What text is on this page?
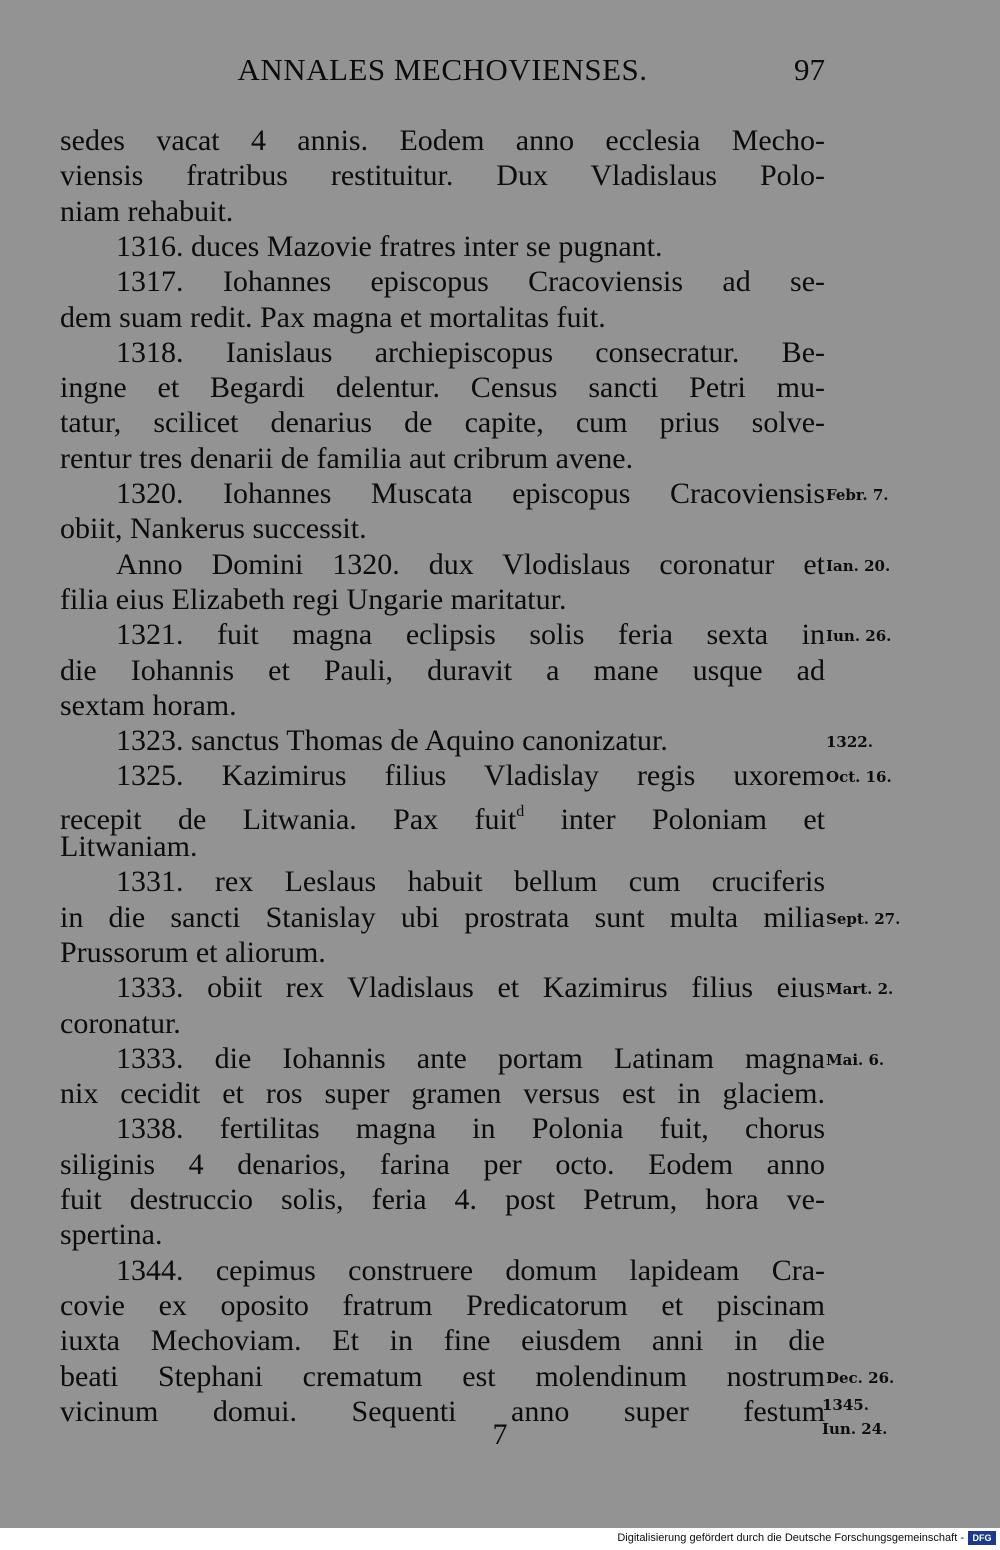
ANNALES MECHOVIENSES.	97
sedes vacat 4 annis. Eodem anno ecclesia Mecho-
viensis fratribus restituitur. Dux Vladislaus Polo-
niam rehabuit.
1316. duces Mazovie fratres inter se pugnant.
1317. Iohannes episcopus Cracoviensis ad se-
dem suam redit. Pax magna et mortalitas fuit.
1318. Ianislaus archiepiscopus consecratur. Be-
ingne et Begardi delentur. Census sancti Petri mu-
tatur, scilicet denarius de capite, cum prius solve-
rentur tres denarii de familia aut cribrum avene.
1320. Iohannes Muscata episcopus Cracoviensis
obiit, Nankerus successit.
Anno Domini 1320. dux Vlodislaus coronatur et
filia eius Elizabeth regi Ungarie maritatur.
1321. fuit magna eclipsis solis feria sexta in
die Iohannis et Pauli, duravit a mane usque ad
sextam horam.
1323. sanctus Thomas de Aquino canonizatur.
1325. Kazimirus filius Vladislay regis uxorem
recepit de Litwania. Pax fuit$^d$ inter Poloniam et
Litwaniam.
1331. rex Leslaus habuit bellum cum cruciferis
in die sancti Stanislay ubi prostrata sunt multa milia
Prussorum et aliorum.
1333. obiit rex Vladislaus et Kazimirus filius eius
coronatur.
1333. die Iohannis ante portam Latinam magna
nix cecidit et ros super gramen versus est in glaciem.
1338. fertilitas magna in Polonia fuit, chorus
siliginis 4 denarios, farina per octo. Eodem anno
fuit destruccio solis, feria 4. post Petrum, hora ve-
spertina.
1344. cepimus construere domum lapideam Cra-
covie ex oposito fratrum Predicatorum et piscinam
iuxta Mechoviam. Et in fine eiusdem anni in die
beati Stephani crematum est molendinum nostrum
vicinum domui. Sequenti anno super festum
Febr. 7.
Ian. 20.
Iun. 26.
1322.
Oct. 16.
Sept. 27.
Mart. 2.
Mai. 6.
Dec. 26.
1345.
Iun. 24.
7
Digitalisierung gefördert durch die Deutsche Forschungsgemeinschaft - DFG
